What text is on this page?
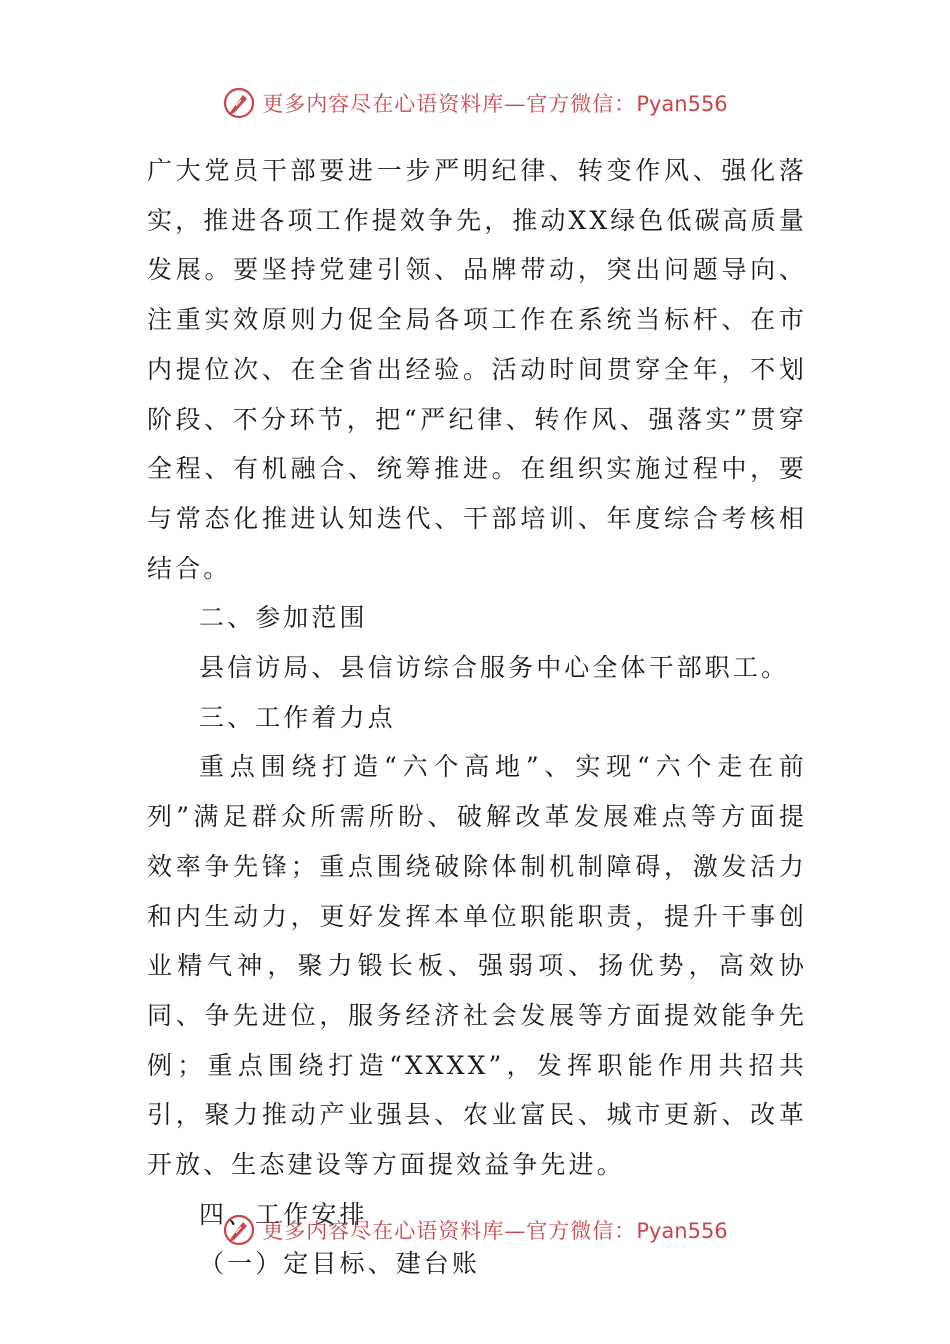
更多内容尽在心语资料库—官方微信：Pyan556

广大党员干部要进一步严明纪律、转变作风、强化落实，推进各项工作提效争先，推动XX绿色低碳高质量发展。要坚持党建引领、品牌带动，突出问题导向、注重实效原则力促全局各项工作在系统当标杆、在市内提位次、在全省出经验。活动时间贯穿全年，不划阶段、不分环节，把“严纪律、转作风、强落实”贯穿全程、有机融合、统筹推进。在组织实施过程中，要与常态化推进认知迭代、干部培训、年度综合考核相结合。

二、参加范围

县信访局、县信访综合服务中心全体干部职工。

三、工作着力点

重点围绕打造“六个高地”、实现“六个走在前列”满足群众所需所盼、破解改革发展难点等方面提效率争先锋；重点围绕破除体制机制障碍，激发活力和内生动力，更好发挥本单位职能职责，提升干事创业精气神，聚力锻长板、强弱项、扬优势，高效协同、争先进位，服务经济社会发展等方面提效能争先例；重点围绕打造“XXXX”，发挥职能作用共招共引，聚力推动产业强县、农业富民、城市更新、改革开放、生态建设等方面提效益争先进。

四、工作安排

（一）定目标、建台账

更多内容尽在心语资料库—官方微信：Pyan556
